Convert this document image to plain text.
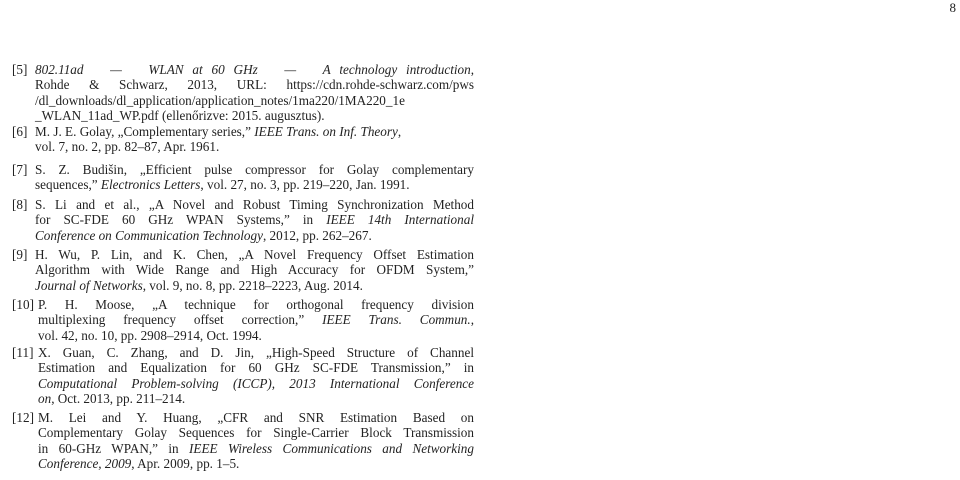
8
[5] 802.11ad — WLAN at 60 GHz — A technology introduction,
Rohde & Schwarz, 2013, URL: https://cdn.rohde-schwarz.com/pws
/dl_downloads/dl_application/application_notes/1ma220/1MA220_1e
_WLAN_11ad_WP.pdf (ellenőrizve: 2015. augusztus).
[6] M. J. E. Golay, „Complementary series,” IEEE Trans. on Inf. Theory,
vol. 7, no. 2, pp. 82–87, Apr. 1961.
[7] S. Z. Budišin, „Efficient pulse compressor for Golay complementary
sequences,” Electronics Letters, vol. 27, no. 3, pp. 219–220, Jan. 1991.
[8] S. Li and et al., „A Novel and Robust Timing Synchronization Method
for SC-FDE 60 GHz WPAN Systems,” in IEEE 14th International
Conference on Communication Technology, 2012, pp. 262–267.
[9] H. Wu, P. Lin, and K. Chen, „A Novel Frequency Offset Estimation
Algorithm with Wide Range and High Accuracy for OFDM System,”
Journal of Networks, vol. 9, no. 8, pp. 2218–2223, Aug. 2014.
[10] P. H. Moose, „A technique for orthogonal frequency division
multiplexing frequency offset correction,” IEEE Trans. Commun.,
vol. 42, no. 10, pp. 2908–2914, Oct. 1994.
[11] X. Guan, C. Zhang, and D. Jin, „High-Speed Structure of Channel
Estimation and Equalization for 60 GHz SC-FDE Transmission,” in
Computational Problem-solving (ICCP), 2013 International Conference
on, Oct. 2013, pp. 211–214.
[12] M. Lei and Y. Huang, „CFR and SNR Estimation Based on
Complementary Golay Sequences for Single-Carrier Block Transmission
in 60-GHz WPAN,” in IEEE Wireless Communications and Networking
Conference, 2009, Apr. 2009, pp. 1–5.
